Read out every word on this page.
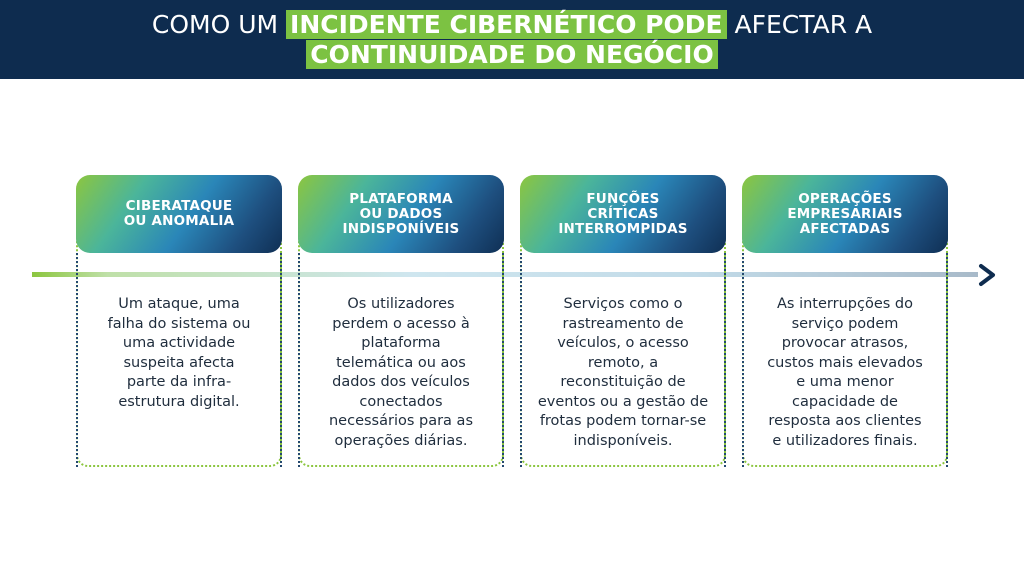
COMO UM INCIDENTE CIBERNÉTICO PODE AFECTAR A
CONTINUIDADE DO NEGÓCIO
CIBERATAQUE
OU ANOMALIA
Um ataque, uma
falha do sistema ou
uma actividade
suspeita afecta
parte da infra-
estrutura digital.
PLATAFORMA
OU DADOS
INDISPONÍVEIS
Os utilizadores
perdem o acesso à
plataforma
telemática ou aos
dados dos veículos
conectados
necessários para as
operações diárias.
FUNÇÕES
CRÍTICAS
INTERROMPIDAS
Serviços como o
rastreamento de
veículos, o acesso
remoto, a
reconstituição de
eventos ou a gestão de
frotas podem tornar-se
indisponíveis.
OPERAÇÕES
EMPRESARIAIS
AFECTADAS
As interrupções do
serviço podem
provocar atrasos,
custos mais elevados
e uma menor
capacidade de
resposta aos clientes
e utilizadores finais.
